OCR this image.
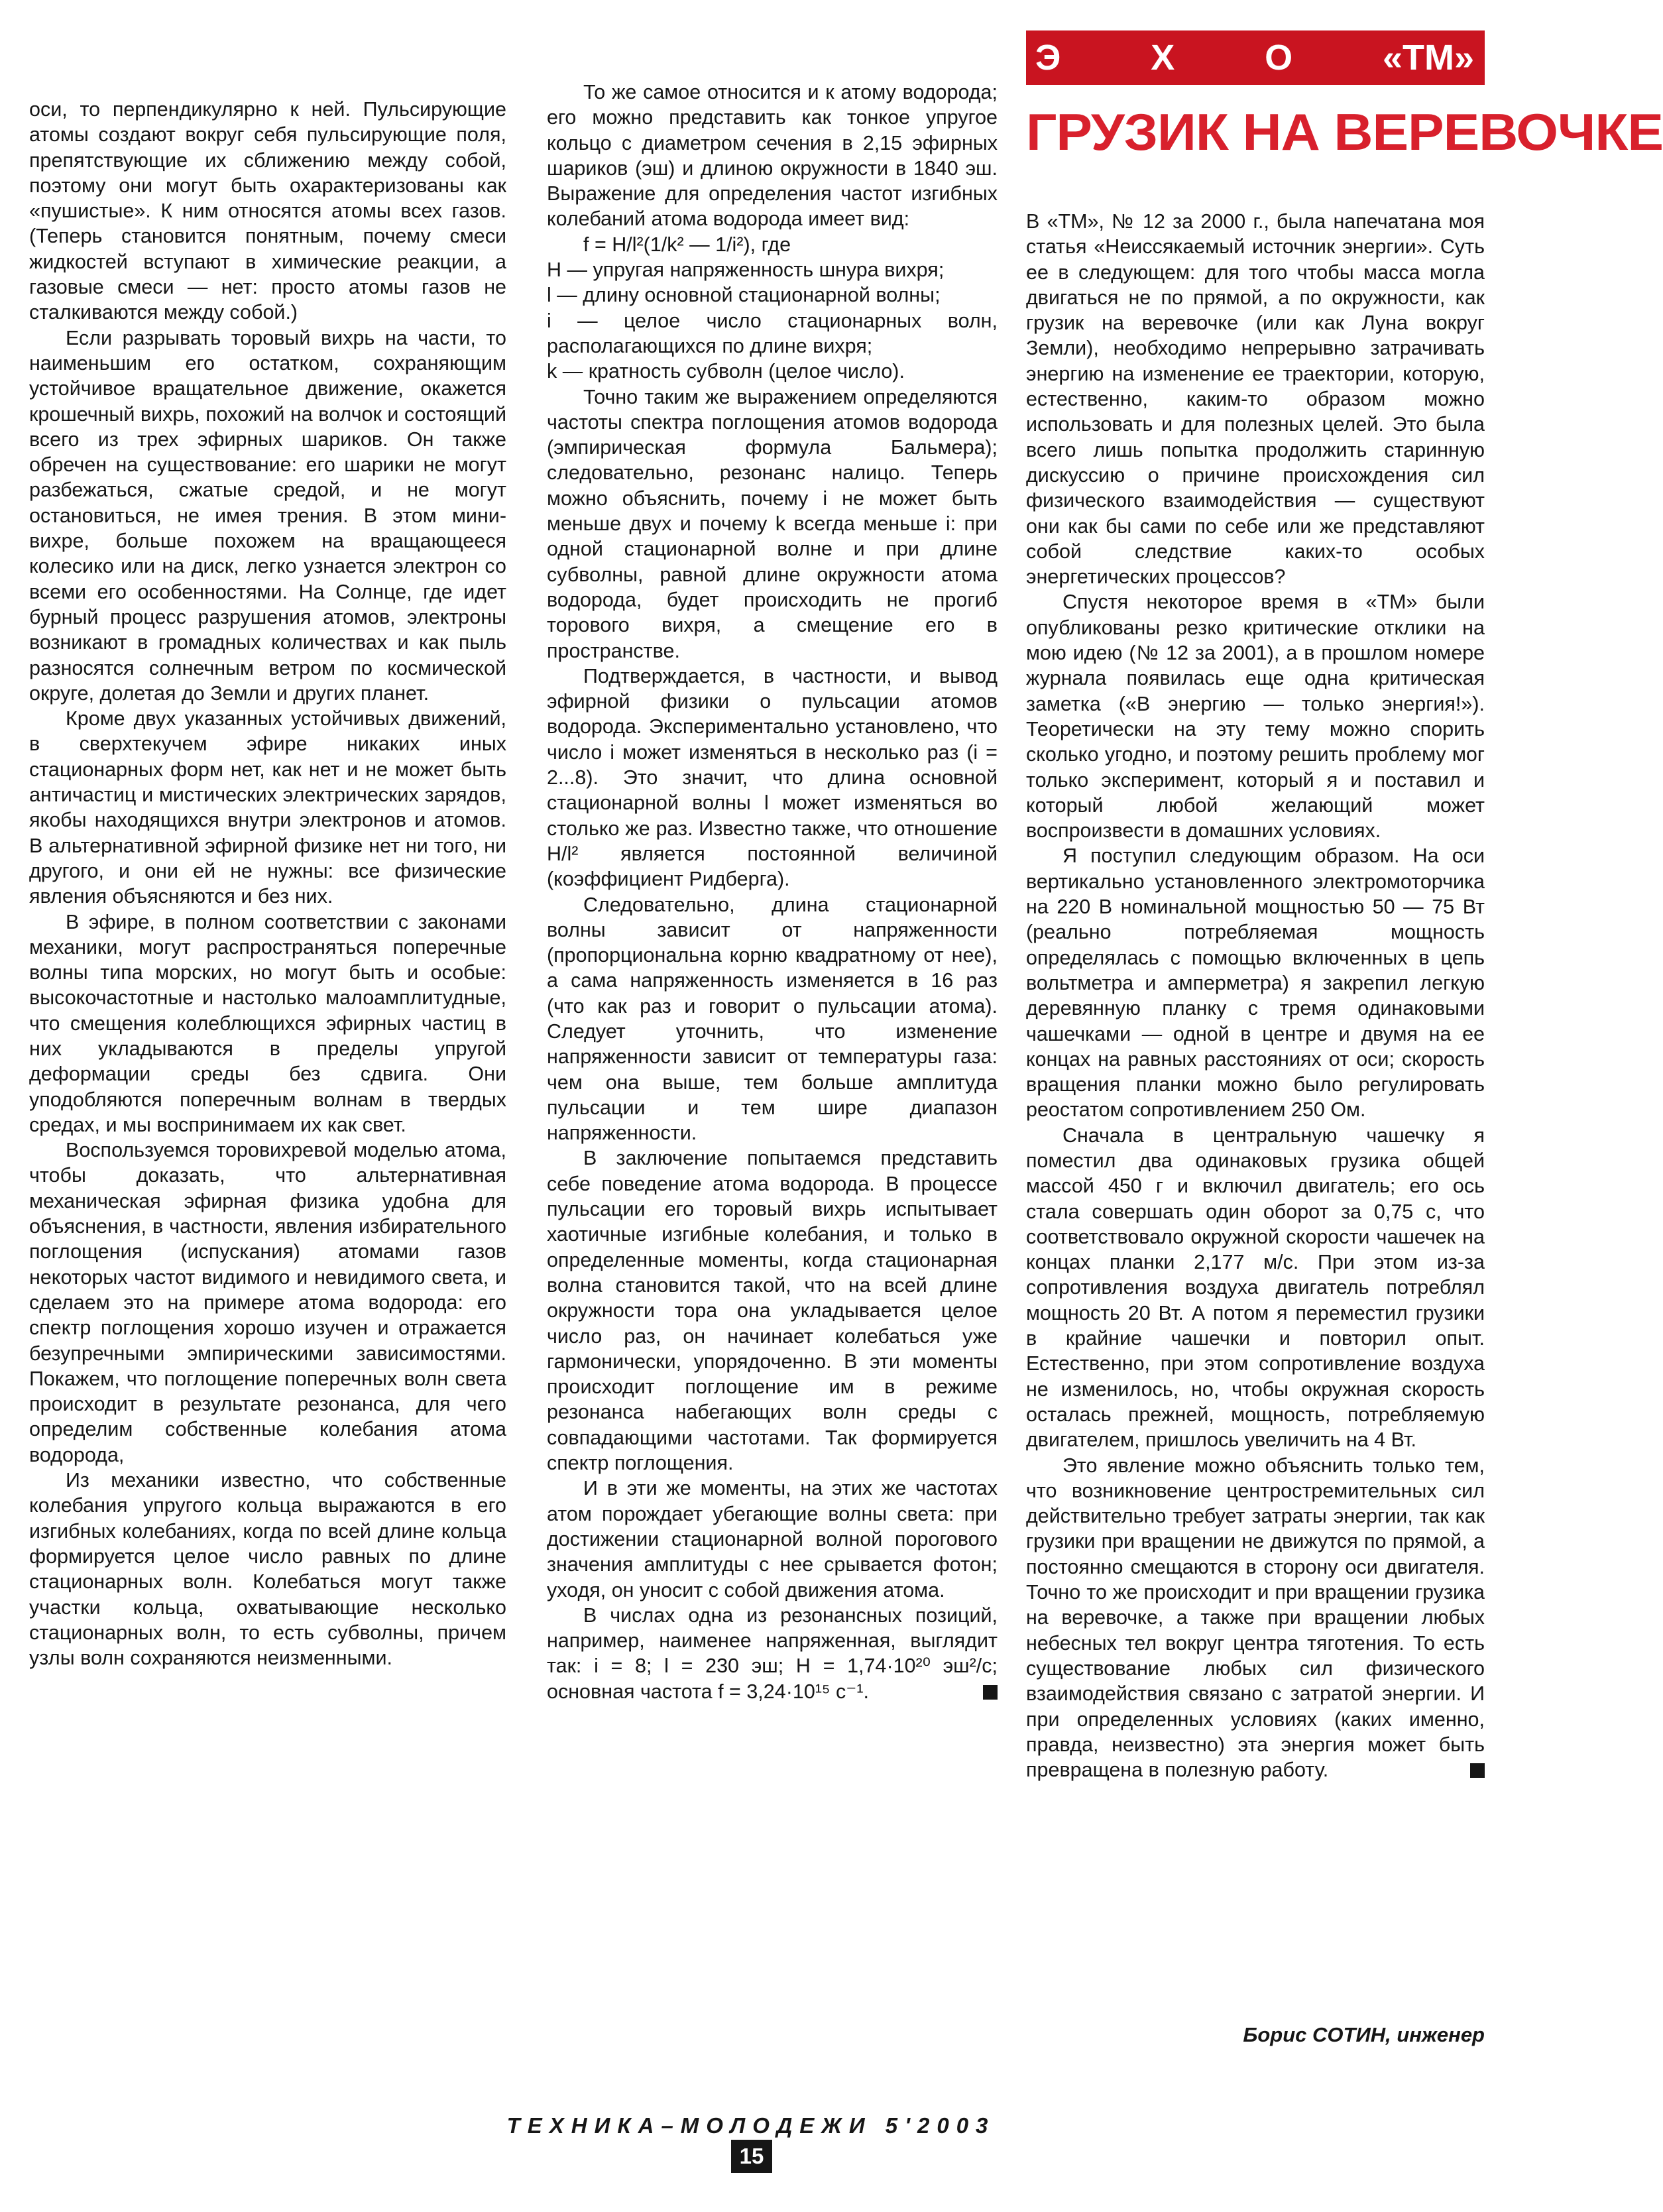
оси, то перпендикулярно к ней. Пульсирующие атомы создают вокруг себя пульсирующие поля, препятствующие их сближению между собой, поэтому они могут быть охарактеризованы как «пушистые». К ним относятся атомы всех газов. (Теперь становится понятным, почему смеси жидкостей вступают в химические реакции, а газовые смеси — нет: просто атомы газов не сталкиваются между собой.)

Если разрывать торовый вихрь на части, то наименьшим его остатком, сохраняющим устойчивое вращательное движение, окажется крошечный вихрь, похожий на волчок и состоящий всего из трех эфирных шариков. Он также обречен на существование: его шарики не могут разбежаться, сжатые средой, и не могут остановиться, не имея трения. В этом мини-вихре, больше похожем на вращающееся колесико или на диск, легко узнается электрон со всеми его особенностями. На Солнце, где идет бурный процесс разрушения атомов, электроны возникают в громадных количествах и как пыль разносятся солнечным ветром по космической округе, долетая до Земли и других планет.

Кроме двух указанных устойчивых движений, в сверхтекучем эфире никаких иных стационарных форм нет, как нет и не может быть античастиц и мистических электрических зарядов, якобы находящихся внутри электронов и атомов. В альтернативной эфирной физике нет ни того, ни другого, и они ей не нужны: все физические явления объясняются и без них.

В эфире, в полном соответствии с законами механики, могут распространяться поперечные волны типа морских, но могут быть и особые: высокочастотные и настолько малоамплитудные, что смещения колеблющихся эфирных частиц в них укладываются в пределы упругой деформации среды без сдвига. Они уподобляются поперечным волнам в твердых средах, и мы воспринимаем их как свет.

Воспользуемся торовихревой моделью атома, чтобы доказать, что альтернативная механическая эфирная физика удобна для объяснения, в частности, явления избирательного поглощения (испускания) атомами газов некоторых частот видимого и невидимого света, и сделаем это на примере атома водорода: его спектр поглощения хорошо изучен и отражается безупречными эмпирическими зависимостями. Покажем, что поглощение поперечных волн света происходит в результате резонанса, для чего определим собственные колебания атома водорода,

Из механики известно, что собственные колебания упругого кольца выражаются в его изгибных колебаниях, когда по всей длине кольца формируется целое число равных по длине стационарных волн. Колебаться могут также участки кольца, охватывающие несколько стационарных волн, то есть субволны, причем узлы волн сохраняются неизменными.

То же самое относится и к атому водорода; его можно представить как тонкое упругое кольцо с диаметром сечения в 2,15 эфирных шариков (эш) и длиною окружности в 1840 эш. Выражение для определения частот изгибных колебаний атома водорода имеет вид:

f = H/l²(1/k² — 1/i²), где

Н — упругая напряженность шнура вихря;

l — длину основной стационарной волны;

i — целое число стационарных волн, располагающихся по длине вихря;

k — кратность субволн (целое число).

Точно таким же выражением определяются частоты спектра поглощения атомов водорода (эмпирическая формула Бальмера); следовательно, резонанс налицо. Теперь можно объяснить, почему i не может быть меньше двух и почему k всегда меньше i: при одной стационарной волне и при длине субволны, равной длине окружности атома водорода, будет происходить не прогиб торового вихря, а смещение его в пространстве.

Подтверждается, в частности, и вывод эфирной физики о пульсации атомов водорода. Экспериментально установлено, что число i может изменяться в несколько раз (i = 2...8). Это значит, что длина основной стационарной волны l может изменяться во столько же раз. Известно также, что отношение H/l² является постоянной величиной (коэффициент Ридберга).

Следовательно, длина стационарной волны зависит от напряженности (пропорциональна корню квадратному от нее), а сама напряженность изменяется в 16 раз (что как раз и говорит о пульсации атома). Следует уточнить, что изменение напряженности зависит от температуры газа: чем она выше, тем больше амплитуда пульсации и тем шире диапазон напряженности.

В заключение попытаемся представить себе поведение атома водорода. В процессе пульсации его торовый вихрь испытывает хаотичные изгибные колебания, и только в определенные моменты, когда стационарная волна становится такой, что на всей длине окружности тора она укладывается целое число раз, он начинает колебаться уже гармонически, упорядоченно. В эти моменты происходит поглощение им в режиме резонанса набегающих волн среды с совпадающими частотами. Так формируется спектр поглощения.

И в эти же моменты, на этих же частотах атом порождает убегающие волны света: при достижении стационарной волной порогового значения амплитуды с нее срывается фотон; уходя, он уносит с собой движения атома.

В числах одна из резонансных позиций, например, наименее напряженная, выглядит так: i = 8; l = 230 эш; H = 1,74·10²⁰ эш²/с; основная частота f = 3,24·10¹⁵ с⁻¹.

Э	Х	О	«ТМ»
ГРУЗИК НА ВЕРЕВОЧКЕ

В «ТМ», № 12 за 2000 г., была напечатана моя статья «Неиссякаемый источник энергии». Суть ее в следующем: для того чтобы масса могла двигаться не по прямой, а по окружности, как грузик на веревочке (или как Луна вокруг Земли), необходимо непрерывно затрачивать энергию на изменение ее траектории, которую, естественно, каким-то образом можно использовать и для полезных целей. Это была всего лишь попытка продолжить старинную дискуссию о причине происхождения сил физического взаимодействия — существуют они как бы сами по себе или же представляют собой следствие каких-то особых энергетических процессов?

Спустя некоторое время в «ТМ» были опубликованы резко критические отклики на мою идею (№ 12 за 2001), а в прошлом номере журнала появилась еще одна критическая заметка («В энергию — только энергия!»). Теоретически на эту тему можно спорить сколько угодно, и поэтому решить проблему мог только эксперимент, который я и поставил и который любой желающий может воспроизвести в домашних условиях.

Я поступил следующим образом. На оси вертикально установленного электромоторчика на 220 В номинальной мощностью 50 — 75 Вт (реально потребляемая мощность определялась с помощью включенных в цепь вольтметра и амперметра) я закрепил легкую деревянную планку с тремя одинаковыми чашечками — одной в центре и двумя на ее концах на равных расстояниях от оси; скорость вращения планки можно было регулировать реостатом сопротивлением 250 Ом.

Сначала в центральную чашечку я поместил два одинаковых грузика общей массой 450 г и включил двигатель; его ось стала совершать один оборот за 0,75 с, что соответствовало окружной скорости чашечек на концах планки 2,177 м/с. При этом из-за сопротивления воздуха двигатель потреблял мощность 20 Вт. А потом я переместил грузики в крайние чашечки и повторил опыт. Естественно, при этом сопротивление воздуха не изменилось, но, чтобы окружная скорость осталась прежней, мощность, потребляемую двигателем, пришлось увеличить на 4 Вт.

Это явление можно объяснить только тем, что возникновение центростремительных сил действительно требует затраты энергии, так как грузики при вращении не движутся по прямой, а постоянно смещаются в сторону оси двигателя. Точно то же происходит и при вращении грузика на веревочке, а также при вращении любых небесных тел вокруг центра тяготения. То есть существование любых сил физического взаимодействия связано с затратой энергии. И при определенных условиях (каких именно, правда, неизвестно) эта энергия может быть превращена в полезную работу.

Борис СОТИН, инженер
ТЕХНИКА–МОЛОДЕЖИ 5'2003
15
